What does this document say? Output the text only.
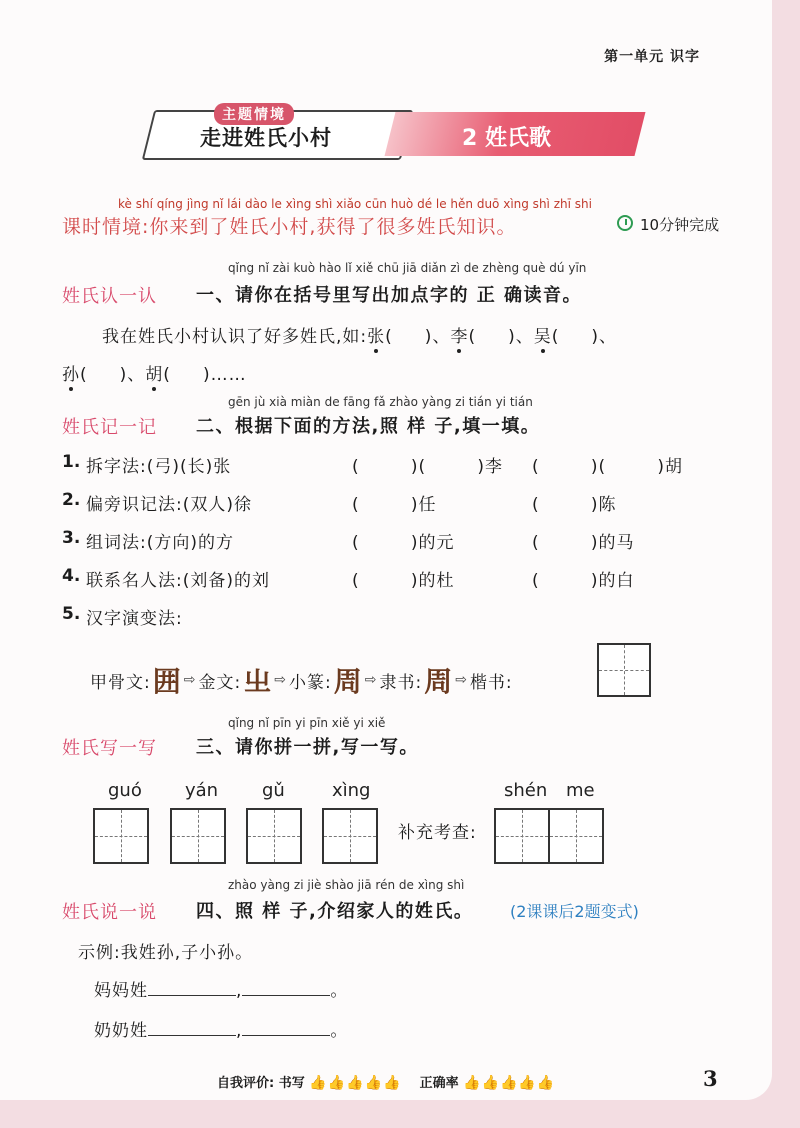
第一单元 识字
主题情境
走进姓氏小村	2 姓氏歌
kè shí qíng jìng nǐ lái dào le xìng shì xiǎo cūn huò dé le hěn duō xìng shì zhī shi
课时情境:你来到了姓氏小村,获得了很多姓氏知识。	10分钟完成
qǐng nǐ zài kuò hào lǐ xiě chū jiā diǎn zì de zhèng què dú yīn
姓氏认一认 一、请你在括号里写出加点字的 正 确读音。
我在姓氏小村认识了好多姓氏,如:张(     )、李(     )、吴(     )、
孙(     )、胡(     )……
gēn jù xià miàn de fāng fǎ zhào yàng zi tián yi tián
姓氏记一记 二、根据下面的方法,照 样 子,填一填。
1. 拆字法:(弓)(长)张	(        )(        )李 (        )(        )胡
2. 偏旁识记法:(双人)徐	(        )任	(        )陈
3. 组词法:(方向)的方	(        )的元	(        )的马
4. 联系名人法:(刘备)的刘	(        )的杜	(        )的白
5. 汉字演变法:
甲骨文: 囲 ⇨ 金文: 㞢 ⇨ 小篆: 周 ⇨ 隶书: 周 ⇨ 楷书:
qǐng nǐ pīn yi pīn xiě yi xiě
姓氏写一写 三、请你拼一拼,写一写。
guó yán gǔ	xìng	shén me
补充考查:
zhào yàng zi jiè shào jiā rén de xìng shì
姓氏说一说 四、照 样 子,介绍家人的姓氏。 (2课课后2题变式)
示例:我姓孙,子小孙。
妈妈姓	,	。
奶奶姓	,	。
自我评价: 书写 👍👍👍👍👍 正确率 👍👍👍👍👍	3
